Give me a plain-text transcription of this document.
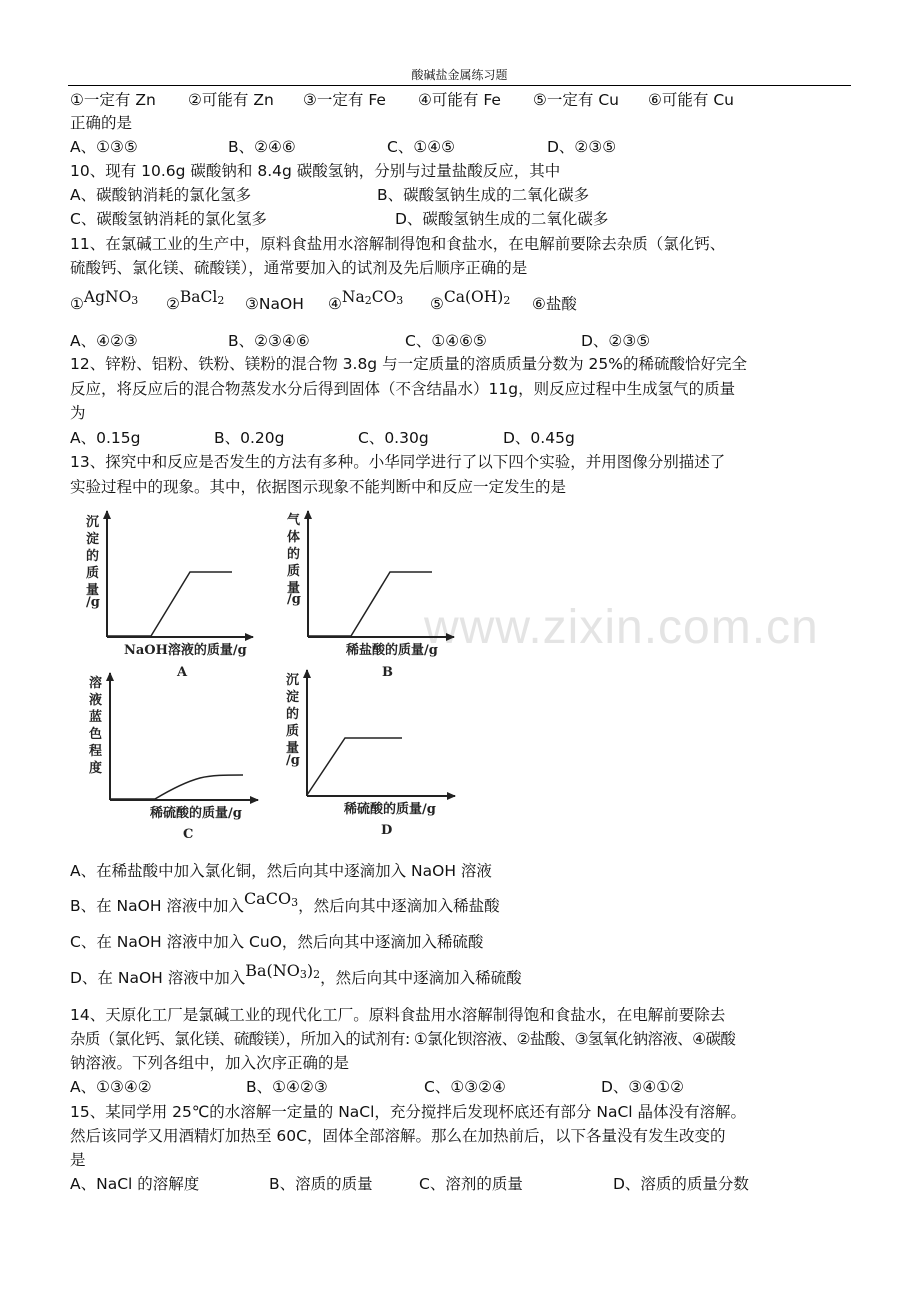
酸碱盐金属练习题
www.zixin.com.cn
①一定有 Zn ②可能有 Zn ③一定有 Fe ④可能有 Fe ⑤一定有 Cu ⑥可能有 Cu
正确的是
A、①③⑤	B、②④⑥	C、①④⑤	D、②③⑤
10、现有 10.6g 碳酸钠和 8.4g 碳酸氢钠，分别与过量盐酸反应，其中
A、碳酸钠消耗的氯化氢多	B、碳酸氢钠生成的二氧化碳多
C、碳酸氢钠消耗的氯化氢多	D、碳酸氢钠生成的二氧化碳多
11、在氯碱工业的生产中，原料食盐用水溶解制得饱和食盐水，在电解前要除去杂质（氯化钙、
硫酸钙、氯化镁、硫酸镁），通常要加入的试剂及先后顺序正确的是
①AgNO$_3$ ②BaCl$_2$ ③NaOH $④Na_2CO_3$ $⑤Ca(OH)_2$ ⑥盐酸
A、④②③	B、②③④⑥	C、①④⑥⑤	D、②③⑤
12、锌粉、铝粉、铁粉、镁粉的混合物 3.8g 与一定质量的溶质质量分数为 25%的稀硫酸恰好完全
反应，将反应后的混合物蒸发水分后得到固体（不含结晶水）11g，则反应过程中生成氢气的质量
为
A、0.15g	B、0.20g	C、0.30g	D、0.45g
13、探究中和反应是否发生的方法有多种。小华同学进行了以下四个实验，并用图像分别描述了
实验过程中的现象。其中，依据图示现象不能判断中和反应一定发生的是
沉
淀
的
质
量
/g
NaOH溶液的质量/g
A
气
体
的
质
量
/g
稀盐酸的质量/g
B
溶
液
蓝
色
程
度
稀硫酸的质量/g
C
沉
淀
的
质
量
/g
稀硫酸的质量/g
D
A、在稀盐酸中加入氯化铜，然后向其中逐滴加入 NaOH 溶液
B、在 NaOH 溶液中加入CaCO$_3$，然后向其中逐滴加入稀盐酸
C、在 NaOH 溶液中加入 CuO，然后向其中逐滴加入稀硫酸
D、在 NaOH 溶液中加入$Ba(NO_3)_2$，然后向其中逐滴加入稀硫酸
14、天原化工厂是氯碱工业的现代化工厂。原料食盐用水溶解制得饱和食盐水，在电解前要除去
杂质（氯化钙、氯化镁、硫酸镁），所加入的试剂有: ①氯化钡溶液、②盐酸、③氢氧化钠溶液、④碳酸
钠溶液。下列各组中，加入次序正确的是
A、①③④②	B、①④②③	C、①③②④	D、③④①②
15、某同学用 25℃的水溶解一定量的 NaCl，充分搅拌后发现杯底还有部分 NaCl 晶体没有溶解。
然后该同学又用酒精灯加热至 60C，固体全部溶解。那么在加热前后，以下各量没有发生改变的
是
A、NaCl 的溶解度	B、溶质的质量	C、溶剂的质量	D、溶质的质量分数
